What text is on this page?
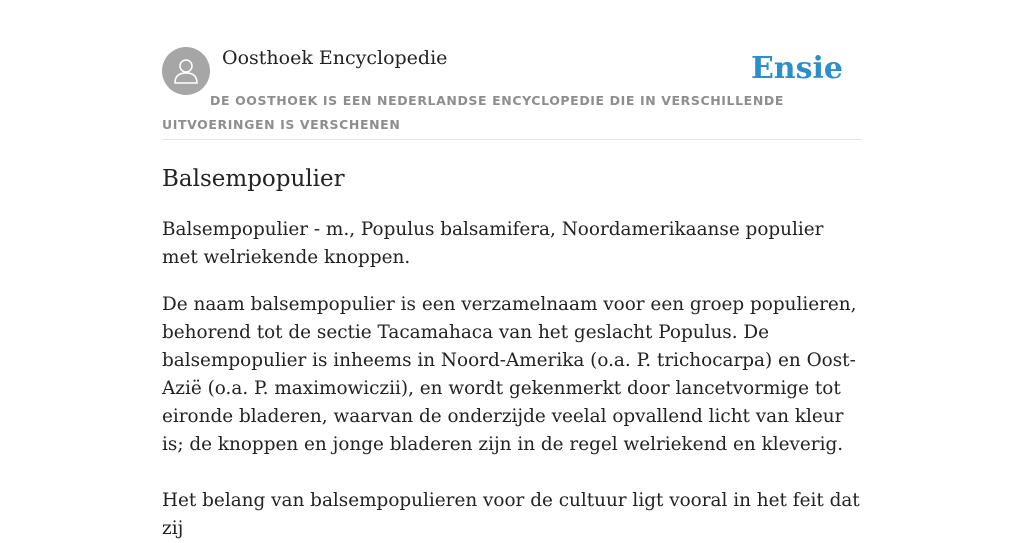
Oosthoek Encyclopedie	Ensie

DE OOSTHOEK IS EEN NEDERLANDSE ENCYCLOPEDIE DIE IN VERSCHILLENDE UITVOERINGEN IS VERSCHENEN

Balsempopulier

Balsempopulier - m., Populus balsamifera, Noordamerikaanse populier met welriekende knoppen.

De naam balsempopulier is een verzamelnaam voor een groep populieren, behorend tot de sectie Tacamahaca van het geslacht Populus. De balsempopulier is inheems in Noord-Amerika (o.a. P. trichocarpa) en Oost-Azië (o.a. P. maximowiczii), en wordt gekenmerkt door lancetvormige tot eironde bladeren, waarvan de onderzijde veelal opvallend licht van kleur is; de knoppen en jonge bladeren zijn in de regel welriekend en kleverig.

Het belang van balsempopulieren voor de cultuur ligt vooral in het feit dat zij
